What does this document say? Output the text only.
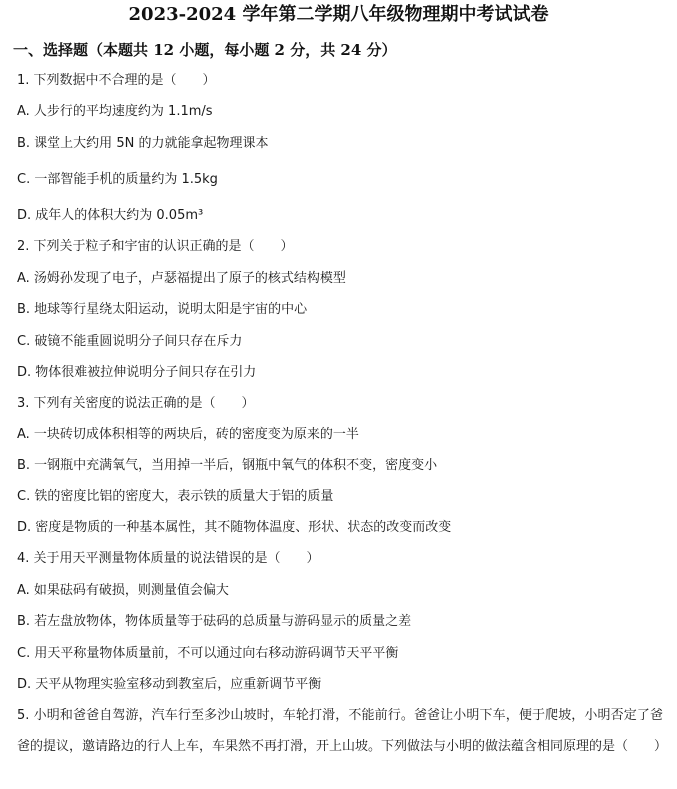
2023-2024 学年第二学期八年级物理期中考试试卷
一、选择题（本题共 12 小题，每小题 2 分，共 24 分）
1. 下列数据中不合理的是（　　）
A. 人步行的平均速度约为 1.1m/s
B. 课堂上大约用 5N 的力就能拿起物理课本
C. 一部智能手机的质量约为 1.5kg
D. 成年人的体积大约为 0.05m³
2. 下列关于粒子和宇宙的认识正确的是（　　）
A. 汤姆孙发现了电子，卢瑟福提出了原子的核式结构模型
B. 地球等行星绕太阳运动，说明太阳是宇宙的中心
C. 破镜不能重圆说明分子间只存在斥力
D. 物体很难被拉伸说明分子间只存在引力
3. 下列有关密度的说法正确的是（　　）
A. 一块砖切成体积相等的两块后，砖的密度变为原来的一半
B. 一钢瓶中充满氧气，当用掉一半后，钢瓶中氧气的体积不变，密度变小
C. 铁的密度比铝的密度大，表示铁的质量大于铝的质量
D. 密度是物质的一种基本属性，其不随物体温度、形状、状态的改变而改变
4. 关于用天平测量物体质量的说法错误的是（　　）
A. 如果砝码有破损，则测量值会偏大
B. 若左盘放物体，物体质量等于砝码的总质量与游码显示的质量之差
C. 用天平称量物体质量前，不可以通过向右移动游码调节天平平衡
D. 天平从物理实验室移动到教室后，应重新调节平衡
5. 小明和爸爸自驾游，汽车行至多沙山坡时，车轮打滑，不能前行。爸爸让小明下车，便于爬坡，小明否定了爸爸的提议，邀请路边的行人上车，车果然不再打滑，开上山坡。下列做法与小明的做法蕴含相同原理的是（　　）
